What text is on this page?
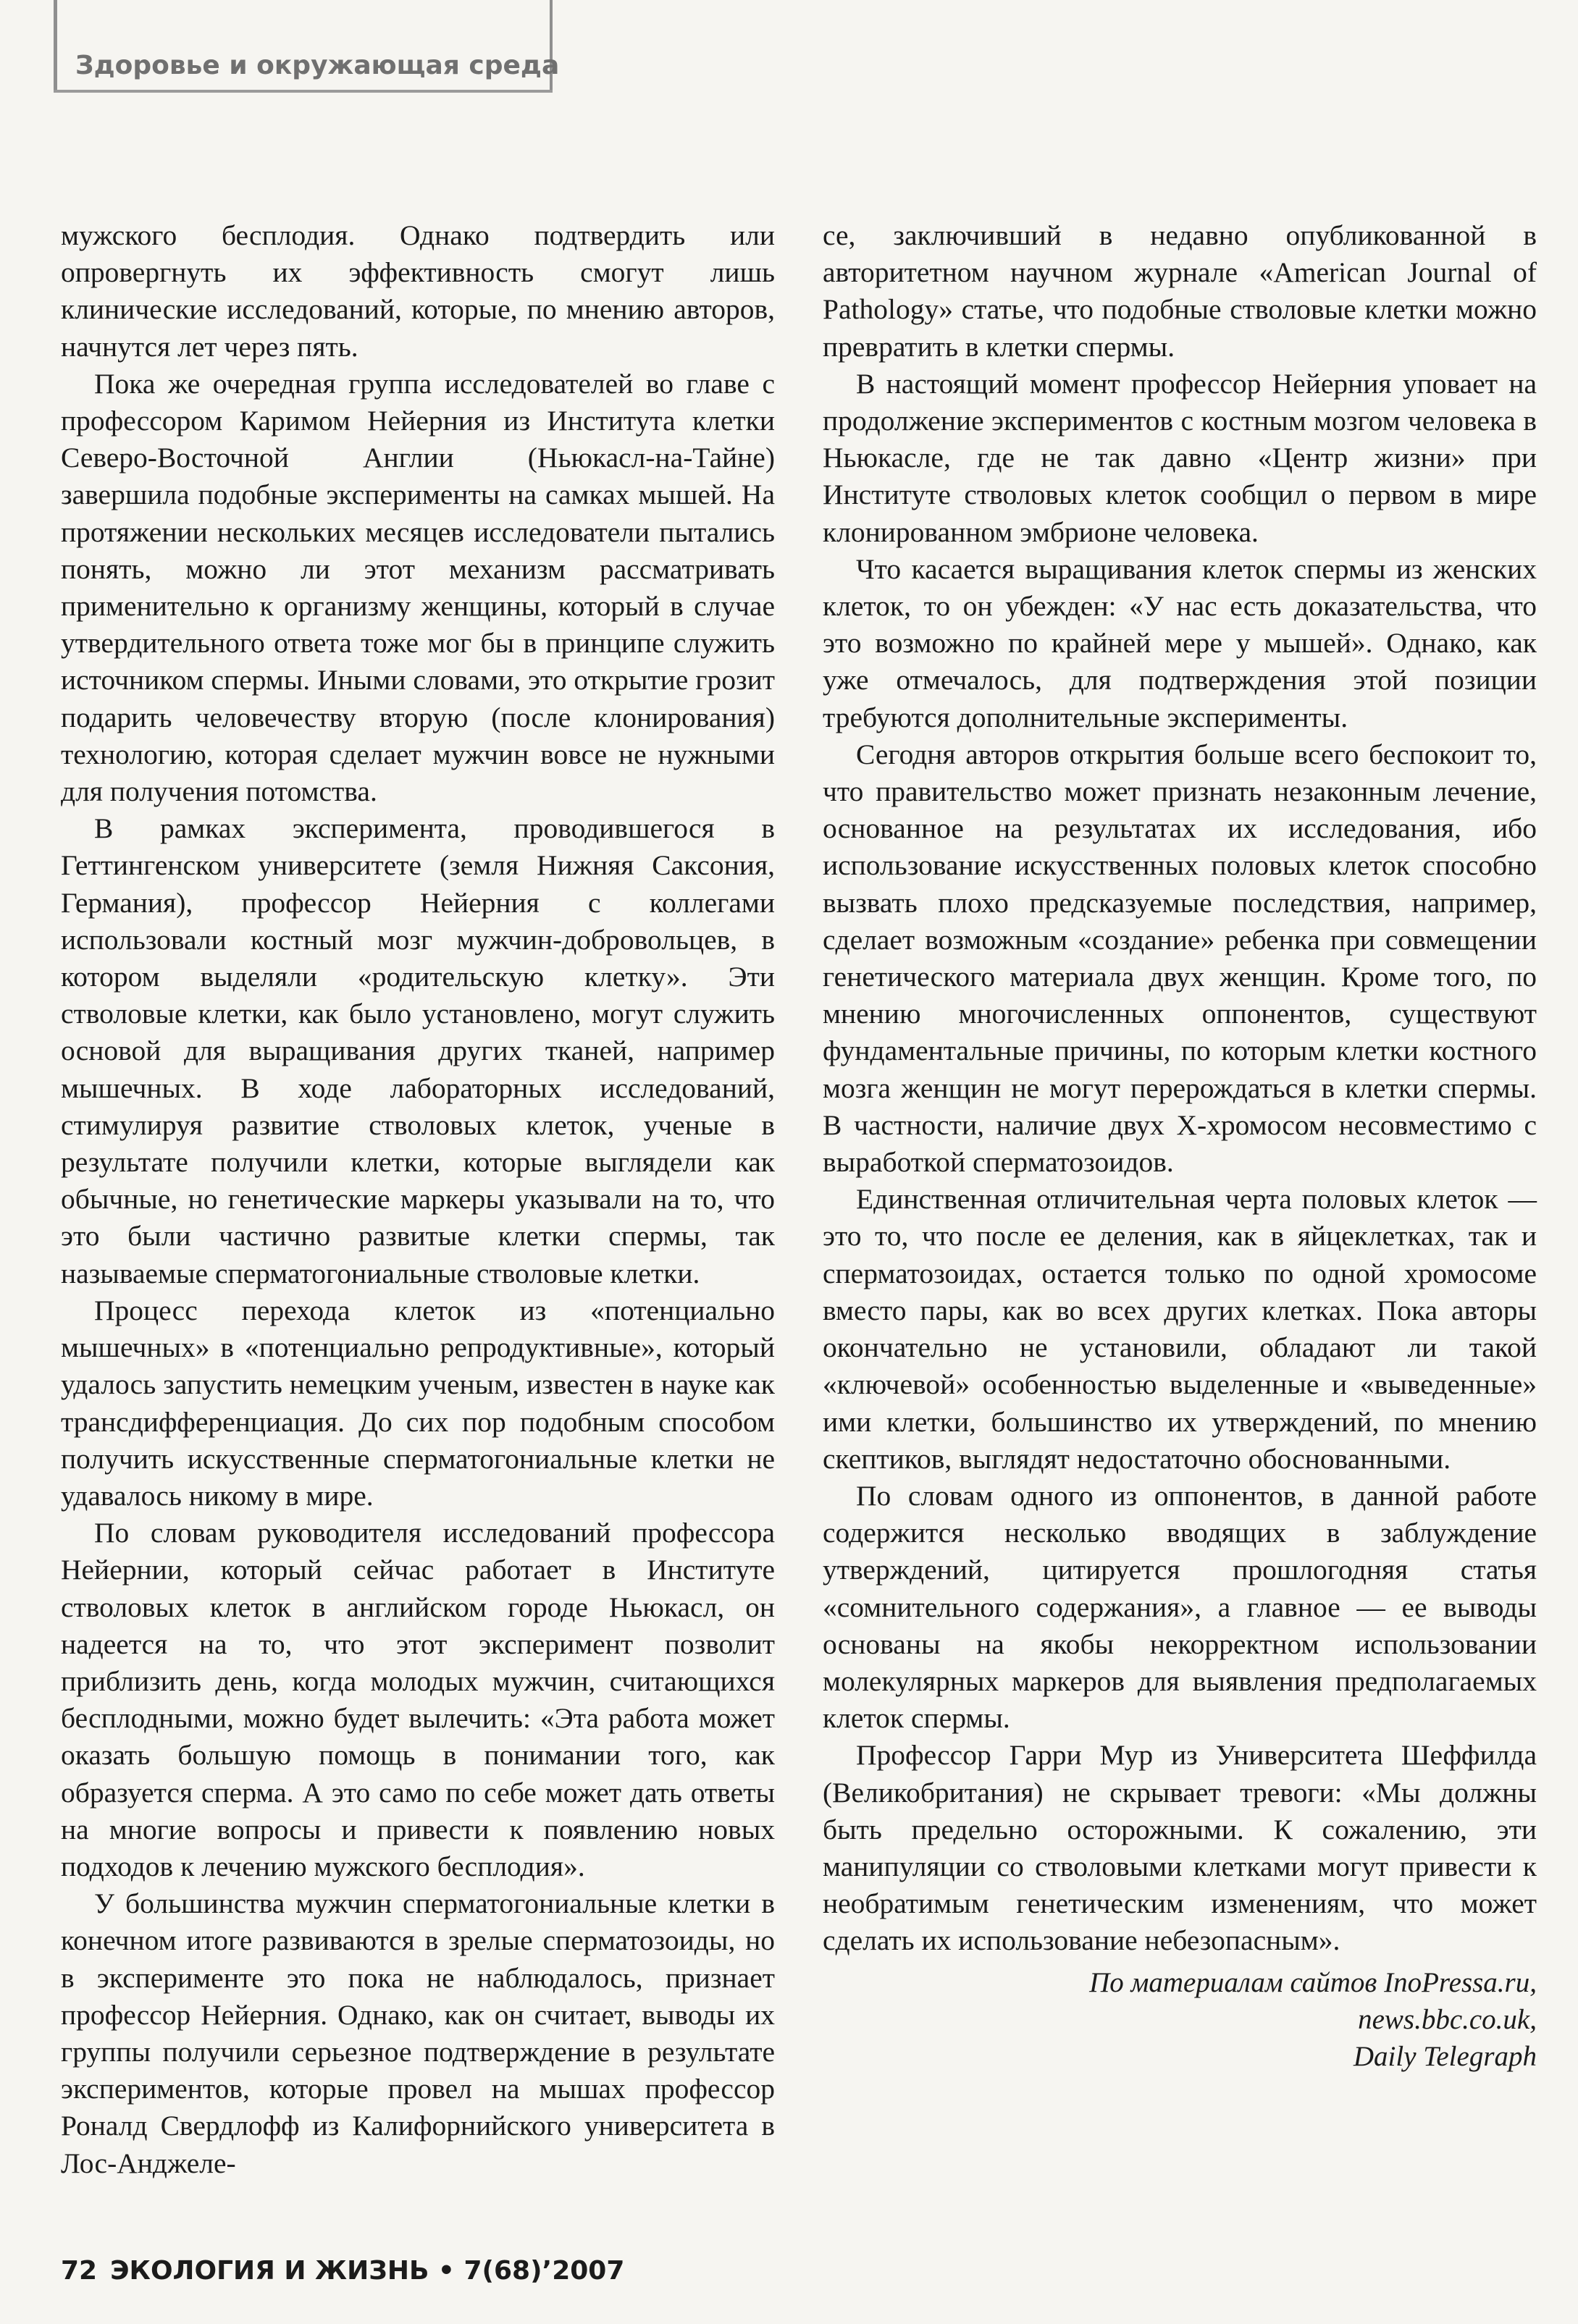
Здоровье и окружающая среда

мужского бесплодия. Однако подтвердить или опровергнуть их эффективность смогут лишь клинические исследований, которые, по мнению авторов, начнутся лет через пять.

Пока же очередная группа исследователей во главе с профессором Каримом Нейерния из Института клетки Северо-Восточной Англии (Ньюкасл-на-Тайне) завершила подобные эксперименты на самках мышей. На протяжении нескольких месяцев исследователи пытались понять, можно ли этот механизм рассматривать применительно к организму женщины, который в случае утвердительного ответа тоже мог бы в принципе служить источником спермы. Иными словами, это открытие грозит подарить человечеству вторую (после клонирования) технологию, которая сделает мужчин вовсе не нужными для получения потомства.

В рамках эксперимента, проводившегося в Геттингенском университете (земля Нижняя Саксония, Германия), профессор Нейерния с коллегами использовали костный мозг мужчин-добровольцев, в котором выделяли «родительскую клетку». Эти стволовые клетки, как было установлено, могут служить основой для выращивания других тканей, например мышечных. В ходе лабораторных исследований, стимулируя развитие стволовых клеток, ученые в результате получили клетки, которые выглядели как обычные, но генетические маркеры указывали на то, что это были частично развитые клетки спермы, так называемые сперматогониальные стволовые клетки.

Процесс перехода клеток из «потенциально мышечных» в «потенциально репродуктивные», который удалось запустить немецким ученым, известен в науке как трансдифференциация. До сих пор подобным способом получить искусственные сперматогониальные клетки не удавалось никому в мире.

По словам руководителя исследований профессора Нейернии, который сейчас работает в Институте стволовых клеток в английском городе Ньюкасл, он надеется на то, что этот эксперимент позволит приблизить день, когда молодых мужчин, считающихся бесплодными, можно будет вылечить: «Эта работа может оказать большую помощь в понимании того, как образуется сперма. А это само по себе может дать ответы на многие вопросы и привести к появлению новых подходов к лечению мужского бесплодия».

У большинства мужчин сперматогониальные клетки в конечном итоге развиваются в зрелые сперматозоиды, но в эксперименте это пока не наблюдалось, признает профессор Нейерния. Однако, как он считает, выводы их группы получили серьезное подтверждение в результате экспериментов, которые провел на мышах профессор Роналд Свердлофф из Калифорнийского университета в Лос-Анджеле-

се, заключивший в недавно опубликованной в авторитетном научном журнале «American Journal of Pathology» статье, что подобные стволовые клетки можно превратить в клетки спермы.

В настоящий момент профессор Нейерния уповает на продолжение экспериментов с костным мозгом человека в Ньюкасле, где не так давно «Центр жизни» при Институте стволовых клеток сообщил о первом в мире клонированном эмбрионе человека.

Что касается выращивания клеток спермы из женских клеток, то он убежден: «У нас есть доказательства, что это возможно по крайней мере у мышей». Однако, как уже отмечалось, для подтверждения этой позиции требуются дополнительные эксперименты.

Сегодня авторов открытия больше всего беспокоит то, что правительство может признать незаконным лечение, основанное на результатах их исследования, ибо использование искусственных половых клеток способно вызвать плохо предсказуемые последствия, например, сделает возможным «создание» ребенка при совмещении генетического материала двух женщин. Кроме того, по мнению многочисленных оппонентов, существуют фундаментальные причины, по которым клетки костного мозга женщин не могут перерождаться в клетки спермы. В частности, наличие двух Х-хромосом несовместимо с выработкой сперматозоидов.

Единственная отличительная черта половых клеток — это то, что после ее деления, как в яйцеклетках, так и сперматозоидах, остается только по одной хромосоме вместо пары, как во всех других клетках. Пока авторы окончательно не установили, обладают ли такой «ключевой» особенностью выделенные и «выведенные» ими клетки, большинство их утверждений, по мнению скептиков, выглядят недостаточно обоснованными.

По словам одного из оппонентов, в данной работе содержится несколько вводящих в заблуждение утверждений, цитируется прошлогодняя статья «сомнительного содержания», а главное — ее выводы основаны на якобы некорректном использовании молекулярных маркеров для выявления предполагаемых клеток спермы.

Профессор Гарри Мур из Университета Шеффилда (Великобритания) не скрывает тревоги: «Мы должны быть предельно осторожными. К сожалению, эти манипуляции со стволовыми клетками могут привести к необратимым генетическим изменениям, что может сделать их использование небезопасным».

По материалам сайтов InoPressa.ru,
news.bbc.co.uk,
Daily Telegraph
72 ЭКОЛОГИЯ И ЖИЗНЬ • 7(68)’2007
